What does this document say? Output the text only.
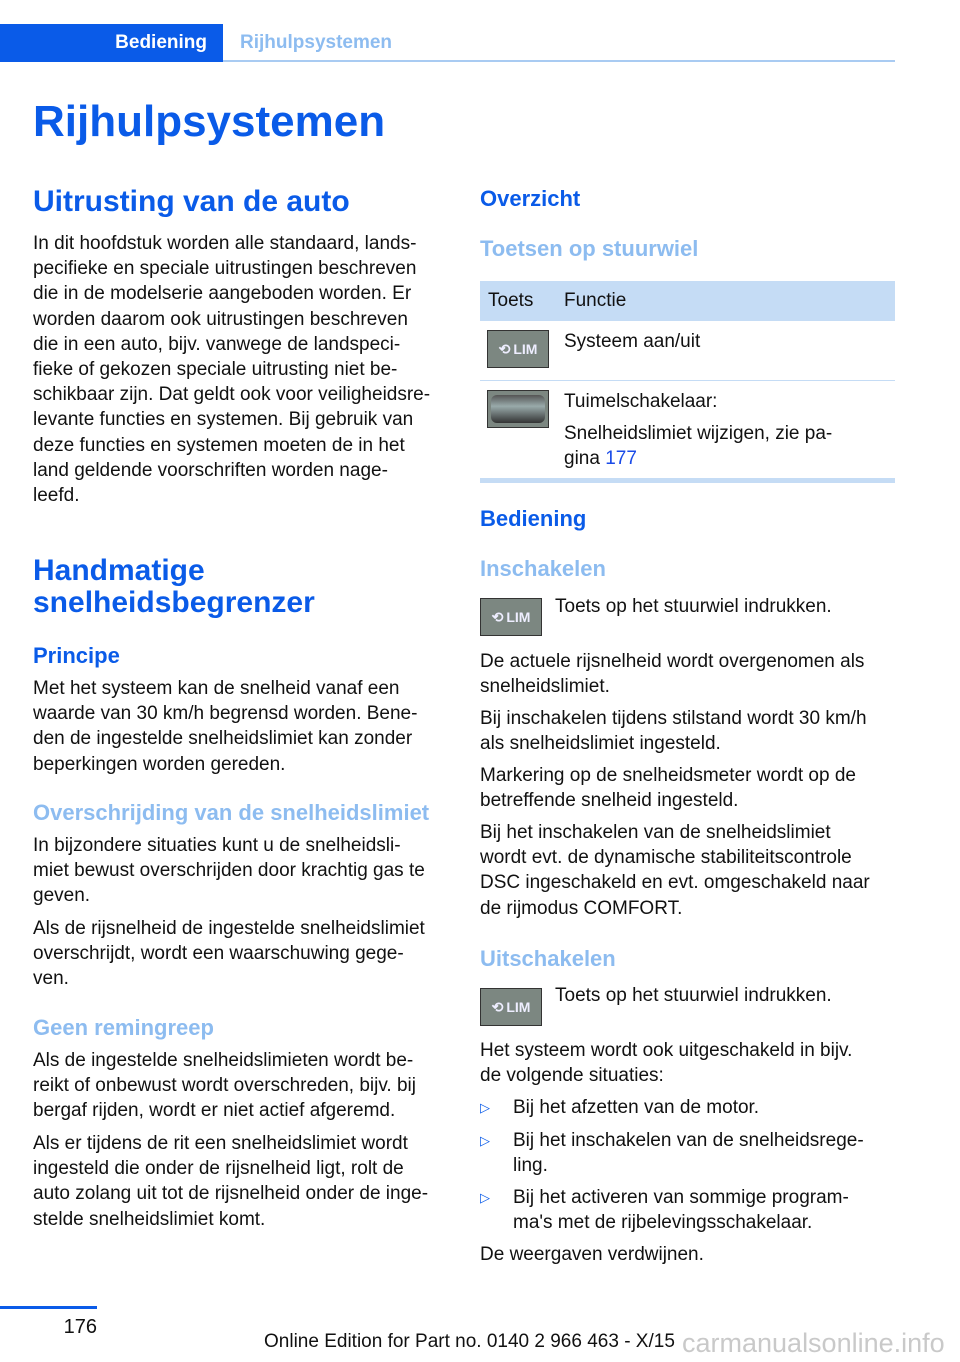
Bediening	Rijhulpsystemen
Rijhulpsystemen
Uitrusting van de auto
In dit hoofdstuk worden alle standaard, lands-
pecifieke en speciale uitrustingen beschreven
die in de modelserie aangeboden worden. Er
worden daarom ook uitrustingen beschreven
die in een auto, bijv. vanwege de landspeci-
fieke of gekozen speciale uitrusting niet be-
schikbaar zijn. Dat geldt ook voor veiligheidsre-
levante functies en systemen. Bij gebruik van
deze functies en systemen moeten de in het
land geldende voorschriften worden nage-
leefd.
Handmatige
snelheidsbegrenzer
Principe
Met het systeem kan de snelheid vanaf een
waarde van 30 km/h begrensd worden. Bene-
den de ingestelde snelheidslimiet kan zonder
beperkingen worden gereden.
Overschrijding van de snelheidslimiet
In bijzondere situaties kunt u de snelheidsli-
miet bewust overschrijden door krachtig gas te
geven.
Als de rijsnelheid de ingestelde snelheidslimiet
overschrijdt, wordt een waarschuwing gege-
ven.
Geen remingreep
Als de ingestelde snelheidslimieten wordt be-
reikt of onbewust wordt overschreden, bijv. bij
bergaf rijden, wordt er niet actief afgeremd.
Als er tijdens de rit een snelheidslimiet wordt
ingesteld die onder de rijsnelheid ligt, rolt de
auto zolang uit tot de rijsnelheid onder de inge-
stelde snelheidslimiet komt.
Overzicht
Toetsen op stuurwiel
Toets Functie
⟲ LIM Systeem aan/uit
Tuimelschakelaar:
Snelheidslimiet wijzigen, zie pa-
gina 177
Bediening
Inschakelen
⟲ LIM Toets op het stuurwiel indrukken.
De actuele rijsnelheid wordt overgenomen als
snelheidslimiet.
Bij inschakelen tijdens stilstand wordt 30 km/h
als snelheidslimiet ingesteld.
Markering op de snelheidsmeter wordt op de
betreffende snelheid ingesteld.
Bij het inschakelen van de snelheidslimiet
wordt evt. de dynamische stabiliteitscontrole
DSC ingeschakeld en evt. omgeschakeld naar
de rijmodus COMFORT.
Uitschakelen
⟲ LIM
Toets op het stuurwiel indrukken.
Het systeem wordt ook uitgeschakeld in bijv.
de volgende situaties:
▷ Bij het afzetten van de motor.
▷ Bij het inschakelen van de snelheidsrege-
ling.
▷ Bij het activeren van sommige program-
ma's met de rijbelevingsschakelaar.
De weergaven verdwijnen.
176
Online Edition for Part no. 0140 2 966 463 - X/15 carmanualsonline.info
